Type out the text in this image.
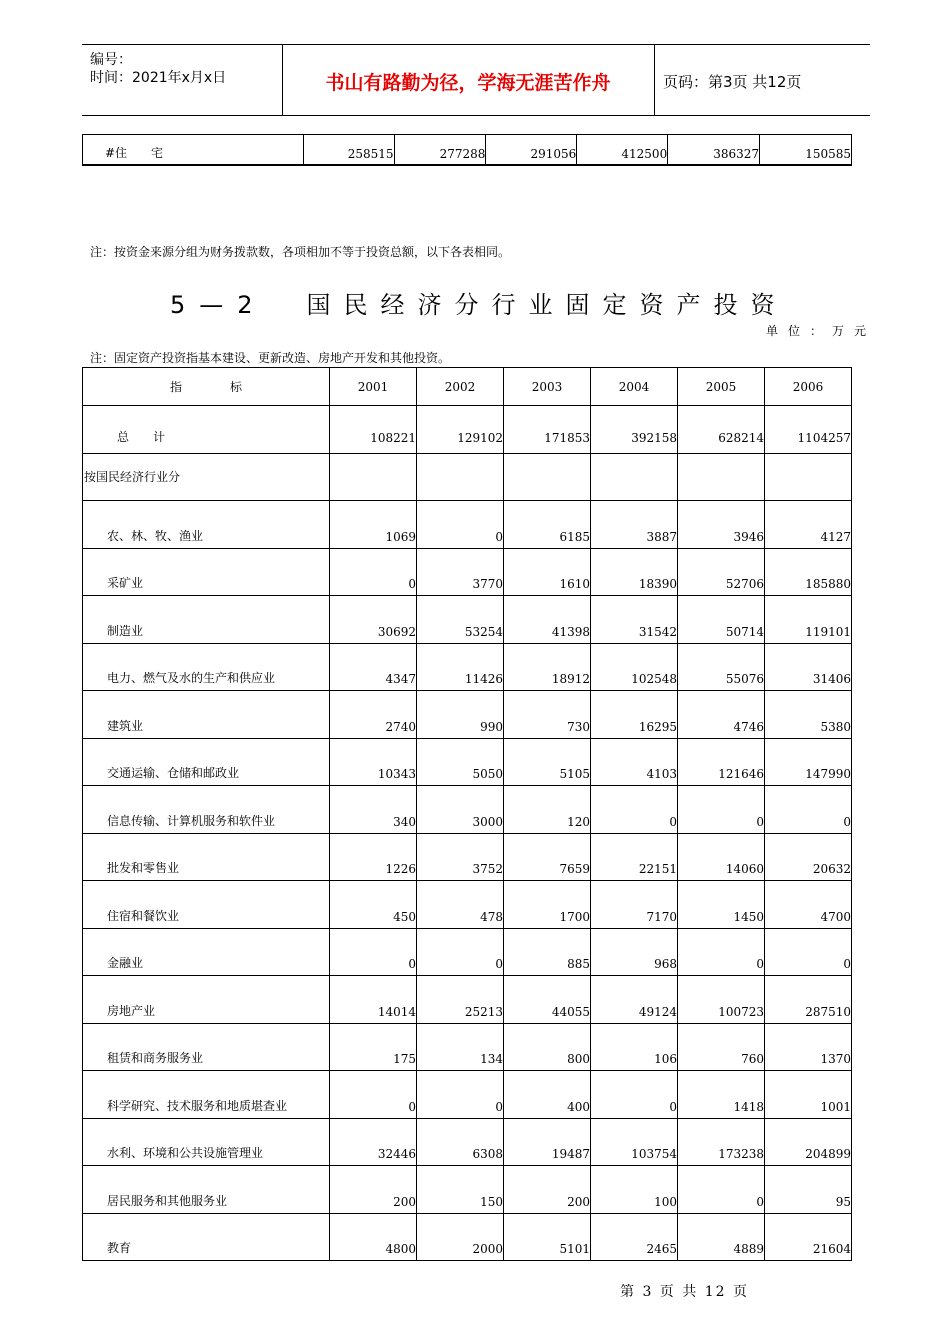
编号：
时间：2021年x月x日	书山有路勤为径，学海无涯苦作舟	页码：第3页 共12页
#住　　宅	258515	277288	291056	412500	386327	150585
注：按资金来源分组为财务拨款数，各项相加不等于投资总额，以下各表相同。
5—2 国民经济分行业固定资产投资
单位：万元
注：固定资产投资指基本建设、更新改造、房地产开发和其他投资。
指　　　　标	2001	2002	2003	2004	2005	2006
总　　计	108221	129102	171853	392158	628214	1104257
按国民经济行业分						
农、林、牧、渔业	1069	0	6185	3887	3946	4127
采矿业	0	3770	1610	18390	52706	185880
制造业	30692	53254	41398	31542	50714	119101
电力、燃气及水的生产和供应业	4347	11426	18912	102548	55076	31406
建筑业	2740	990	730	16295	4746	5380
交通运输、仓储和邮政业	10343	5050	5105	4103	121646	147990
信息传输、计算机服务和软件业	340	3000	120	0	0	0
批发和零售业	1226	3752	7659	22151	14060	20632
住宿和餐饮业	450	478	1700	7170	1450	4700
金融业	0	0	885	968	0	0
房地产业	14014	25213	44055	49124	100723	287510
租赁和商务服务业	175	134	800	106	760	1370
科学研究、技术服务和地质堪查业	0	0	400	0	1418	1001
水利、环境和公共设施管理业	32446	6308	19487	103754	173238	204899
居民服务和其他服务业	200	150	200	100	0	95
教育	4800	2000	5101	2465	4889	21604
第 3 页 共 12 页
